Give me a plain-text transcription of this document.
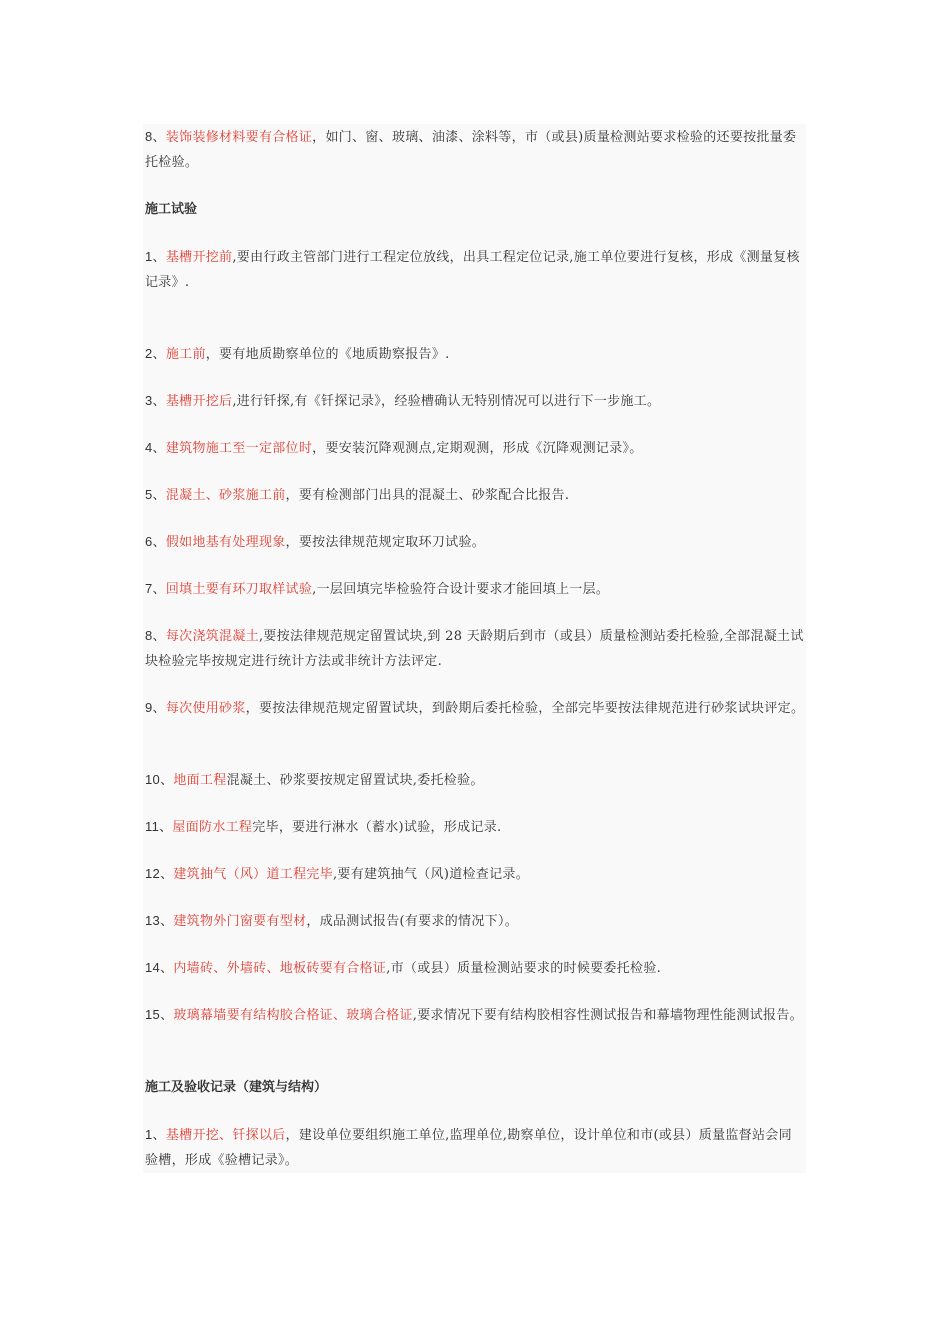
8、装饰装修材料要有合格证，如门、窗、玻璃、油漆、涂料等，市（或县)质量检测站要求检验的还要按批量委托检验。

施工试验

1、基槽开挖前,要由行政主管部门进行工程定位放线，出具工程定位记录,施工单位要进行复核，形成《测量复核记录》.

2、施工前，要有地质勘察单位的《地质勘察报告》.

3、基槽开挖后,进行钎探,有《钎探记录》，经验槽确认无特别情况可以进行下一步施工。

4、建筑物施工至一定部位时，要安装沉降观测点,定期观测，形成《沉降观测记录》。

5、混凝土、砂浆施工前，要有检测部门出具的混凝土、砂浆配合比报告.

6、假如地基有处理现象，要按法律规范规定取环刀试验。

7、回填土要有环刀取样试验,一层回填完毕检验符合设计要求才能回填上一层。

8、每次浇筑混凝土,要按法律规范规定留置试块,到 28 天龄期后到市（或县）质量检测站委托检验,全部混凝土试块检验完毕按规定进行统计方法或非统计方法评定.

9、每次使用砂浆，要按法律规范规定留置试块，到龄期后委托检验，全部完毕要按法律规范进行砂浆试块评定。

10、地面工程混凝土、砂浆要按规定留置试块,委托检验。

11、屋面防水工程完毕，要进行淋水（蓄水)试验，形成记录.

12、建筑抽气（风）道工程完毕,要有建筑抽气（风)道检查记录。

13、建筑物外门窗要有型材，成品测试报告(有要求的情况下）。

14、内墙砖、外墙砖、地板砖要有合格证,市（或县）质量检测站要求的时候要委托检验.

15、玻璃幕墙要有结构胶合格证、玻璃合格证,要求情况下要有结构胶相容性测试报告和幕墙物理性能测试报告。

施工及验收记录（建筑与结构）

1、基槽开挖、钎探以后，建设单位要组织施工单位,监理单位,勘察单位，设计单位和市(或县）质量监督站会同验槽，形成《验槽记录》。
